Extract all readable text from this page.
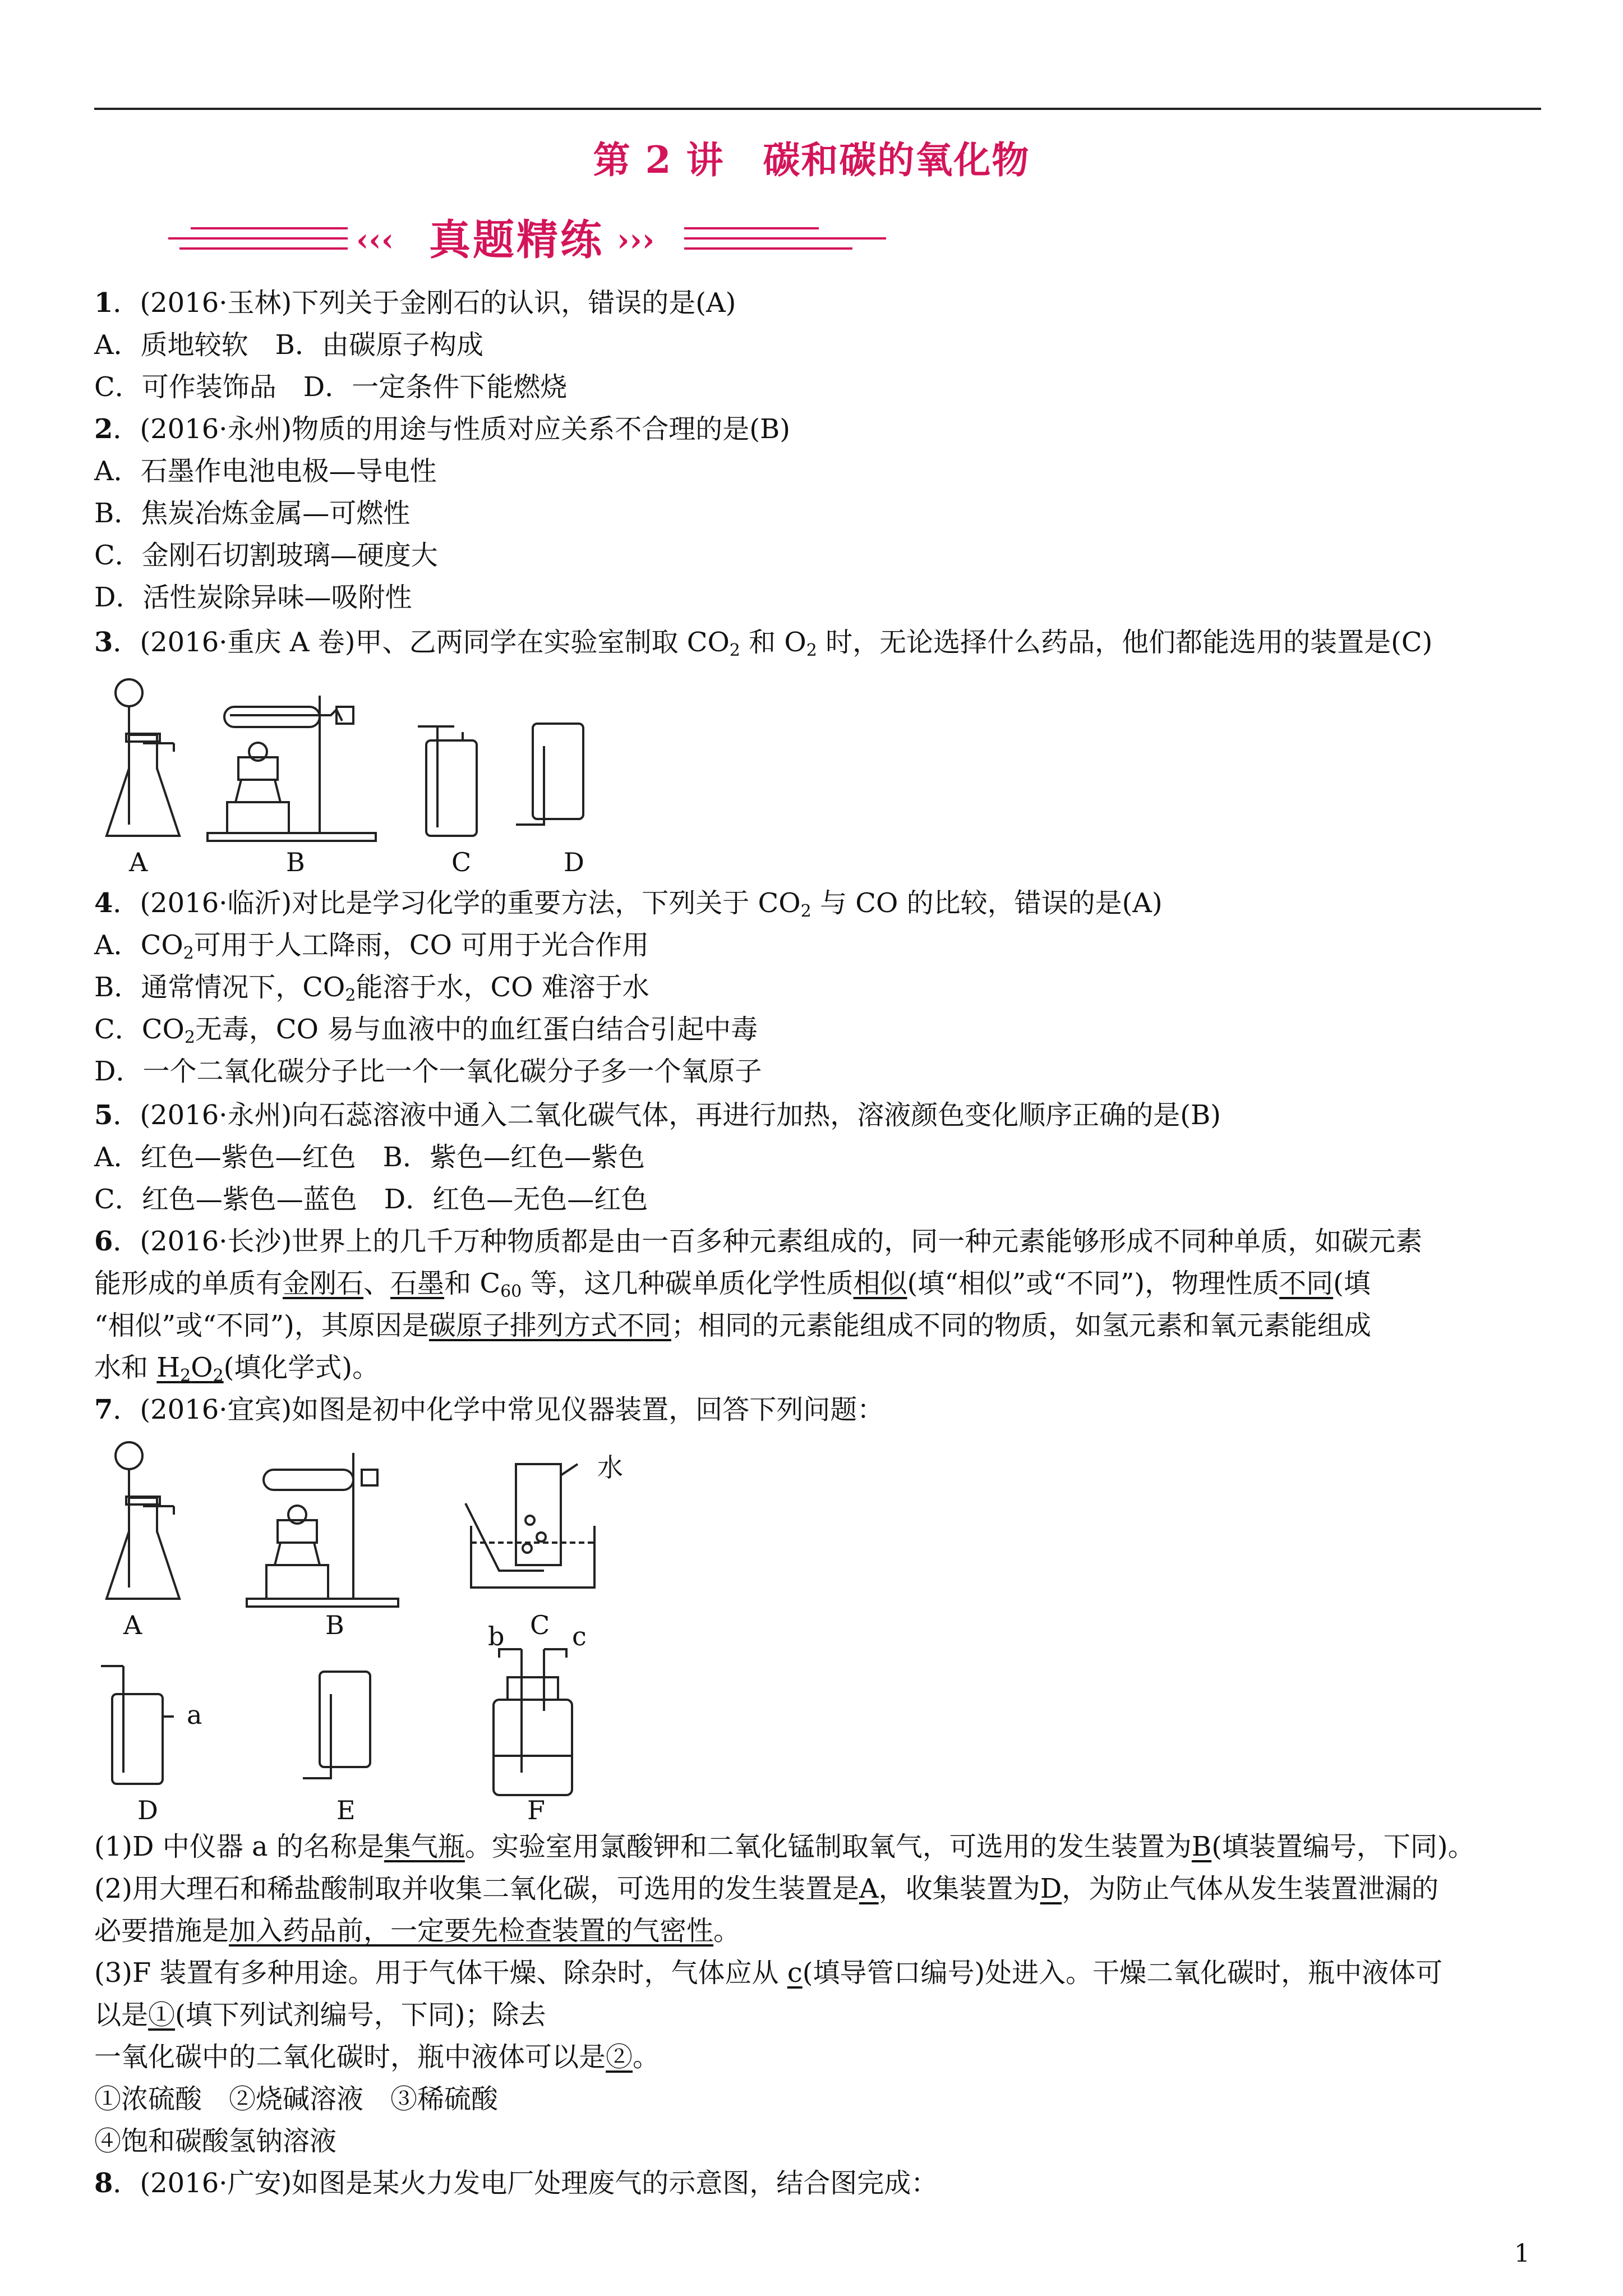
第 2 讲 碳和碳的氧化物
‹‹‹ 真题精练 ›››
1．(2016·玉林)下列关于金刚石的认识，错误的是(A)
A．质地较软　B．由碳原子构成
C．可作装饰品　D．一定条件下能燃烧
2．(2016·永州)物质的用途与性质对应关系不合理的是(B)
A．石墨作电池电极—导电性
B．焦炭冶炼金属—可燃性
C．金刚石切割玻璃—硬度大
D．活性炭除异味—吸附性
3．(2016·重庆 A 卷)甲、乙两同学在实验室制取 $CO_2$ 和 $O_2$ 时，无论选择什么药品，他们都能选用的装置是(C)
A	B	C	D
4．(2016·临沂)对比是学习化学的重要方法，下列关于 $CO_2$ 与 CO 的比较，错误的是(A)
A．$CO_2$可用于人工降雨，CO 可用于光合作用
B．通常情况下，$CO_2$能溶于水，CO 难溶于水
C．$CO_2$无毒，CO 易与血液中的血红蛋白结合引起中毒
D．一个二氧化碳分子比一个一氧化碳分子多一个氧原子
5．(2016·永州)向石蕊溶液中通入二氧化碳气体，再进行加热，溶液颜色变化顺序正确的是(B)
A．红色—紫色—红色　B．紫色—红色—紫色
C．红色—紫色—蓝色　D．红色—无色—红色
6．(2016·长沙)世界上的几千万种物质都是由一百多种元素组成的，同一种元素能够形成不同种单质，如碳元素
能形成的单质有金刚石、石墨和 $C_{60}$ 等，这几种碳单质化学性质相似(填“相似”或“不同”)，物理性质不同(填
“相似”或“不同”)，其原因是碳原子排列方式不同；相同的元素能组成不同的物质，如氢元素和氧元素能组成
水和 $H_2O_2$(填化学式)。
7．(2016·宜宾)如图是初中化学中常见仪器装置，回答下列问题：
水
A	B	C
a
b	c
D	E	F
(1)D 中仪器 a 的名称是集气瓶。实验室用氯酸钾和二氧化锰制取氧气，可选用的发生装置为B(填装置编号，下同)。
(2)用大理石和稀盐酸制取并收集二氧化碳，可选用的发生装置是A，收集装置为D，为防止气体从发生装置泄漏的
必要措施是加入药品前，一定要先检查装置的气密性。
(3)F 装置有多种用途。用于气体干燥、除杂时，气体应从 c(填导管口编号)处进入。干燥二氧化碳时，瓶中液体可
以是①(填下列试剂编号，下同)；除去
一氧化碳中的二氧化碳时，瓶中液体可以是②。
①浓硫酸　②烧碱溶液　③稀硫酸
④饱和碳酸氢钠溶液
8．(2016·广安)如图是某火力发电厂处理废气的示意图，结合图完成：
1
